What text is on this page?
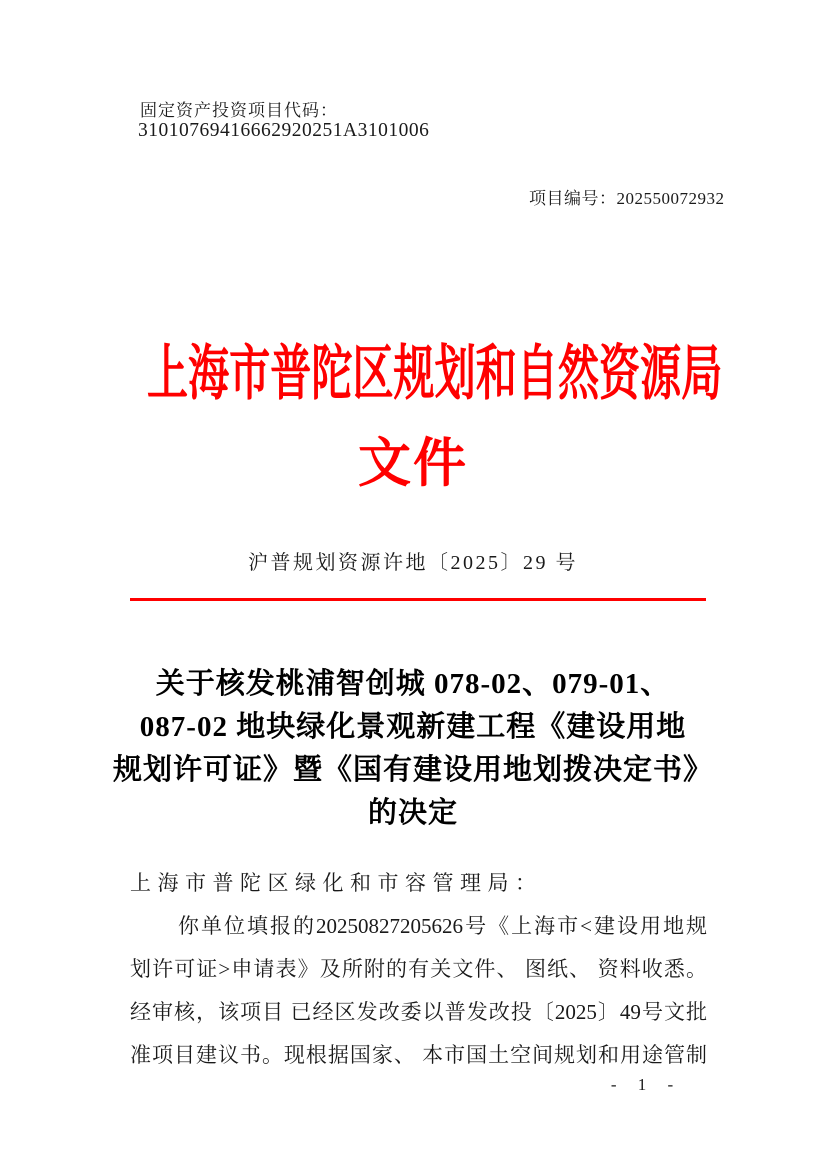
固定资产投资项目代码：
31010769416662920251A3101006
项目编号：202550072932
上海市普陀区规划和自然资源局
文件
沪普规划资源许地〔2025〕29 号
关于核发桃浦智创城 078-02、079-01、
087-02 地块绿化景观新建工程《建设用地
规划许可证》暨《国有建设用地划拨决定书》
的决定
上海市普陀区绿化和市容管理局：
你单位填报的20250827205626号《上海市<建设用地规
划许可证>申请表》及所附的有关文件、 图纸、 资料收悉。
经审核，该项目 已经区发改委以普发改投〔2025〕49号文批
准项目建议书。现根据国家、 本市国土空间规划和用途管制
- 1 -
